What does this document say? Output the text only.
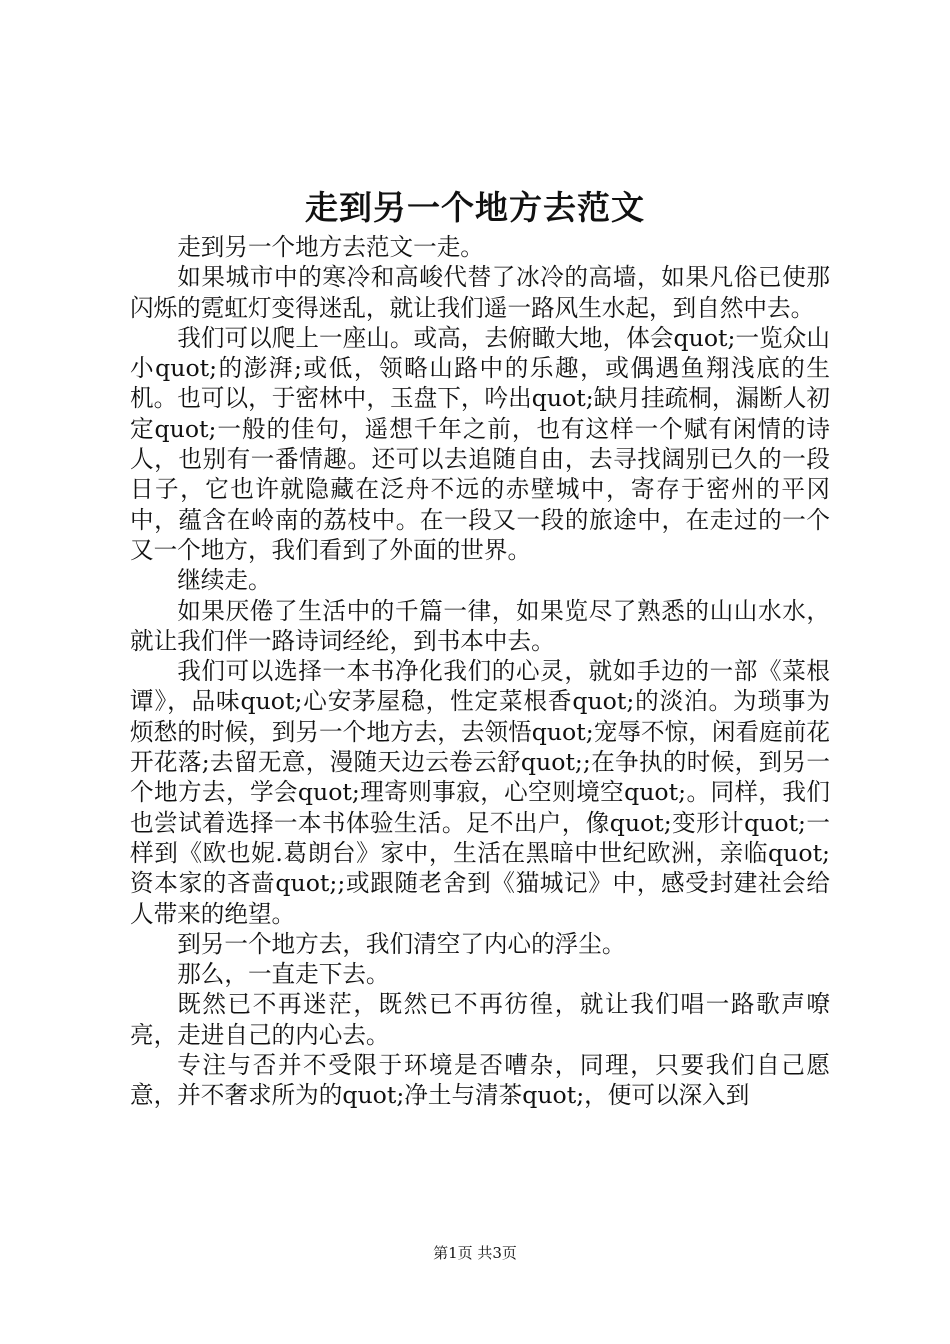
走到另一个地方去范文

走到另一个地方去范文一走。

如果城市中的寒冷和高峻代替了冰冷的高墙，如果凡俗已使那闪烁的霓虹灯变得迷乱，就让我们遥一路风生水起，到自然中去。

我们可以爬上一座山。或高，去俯瞰大地，体会quot;一览众山小quot;的澎湃;或低，领略山路中的乐趣，或偶遇鱼翔浅底的生机。也可以，于密林中，玉盘下，吟出quot;缺月挂疏桐，漏断人初定quot;一般的佳句，遥想千年之前，也有这样一个赋有闲情的诗人，也别有一番情趣。还可以去追随自由，去寻找阔别已久的一段日子，它也许就隐藏在泛舟不远的赤壁城中，寄存于密州的平冈中，蕴含在岭南的荔枝中。在一段又一段的旅途中，在走过的一个又一个地方，我们看到了外面的世界。

继续走。

如果厌倦了生活中的千篇一律，如果览尽了熟悉的山山水水，就让我们伴一路诗词经纶，到书本中去。

我们可以选择一本书净化我们的心灵，就如手边的一部《菜根谭》，品味quot;心安茅屋稳，性定菜根香quot;的淡泊。为琐事为烦愁的时候，到另一个地方去，去领悟quot;宠辱不惊，闲看庭前花开花落;去留无意，漫随天边云卷云舒quot;;在争执的时候，到另一个地方去，学会quot;理寄则事寂，心空则境空quot;。同样，我们也尝试着选择一本书体验生活。足不出户，像quot;变形计quot;一样到《欧也妮.葛朗台》家中，生活在黑暗中世纪欧洲，亲临quot;资本家的吝啬quot;;或跟随老舍到《猫城记》中，感受封建社会给人带来的绝望。

到另一个地方去，我们清空了内心的浮尘。

那么，一直走下去。

既然已不再迷茫，既然已不再彷徨，就让我们唱一路歌声嘹亮，走进自己的内心去。

专注与否并不受限于环境是否嘈杂，同理，只要我们自己愿意，并不奢求所为的quot;净土与清茶quot;，便可以深入到

第1页 共3页
